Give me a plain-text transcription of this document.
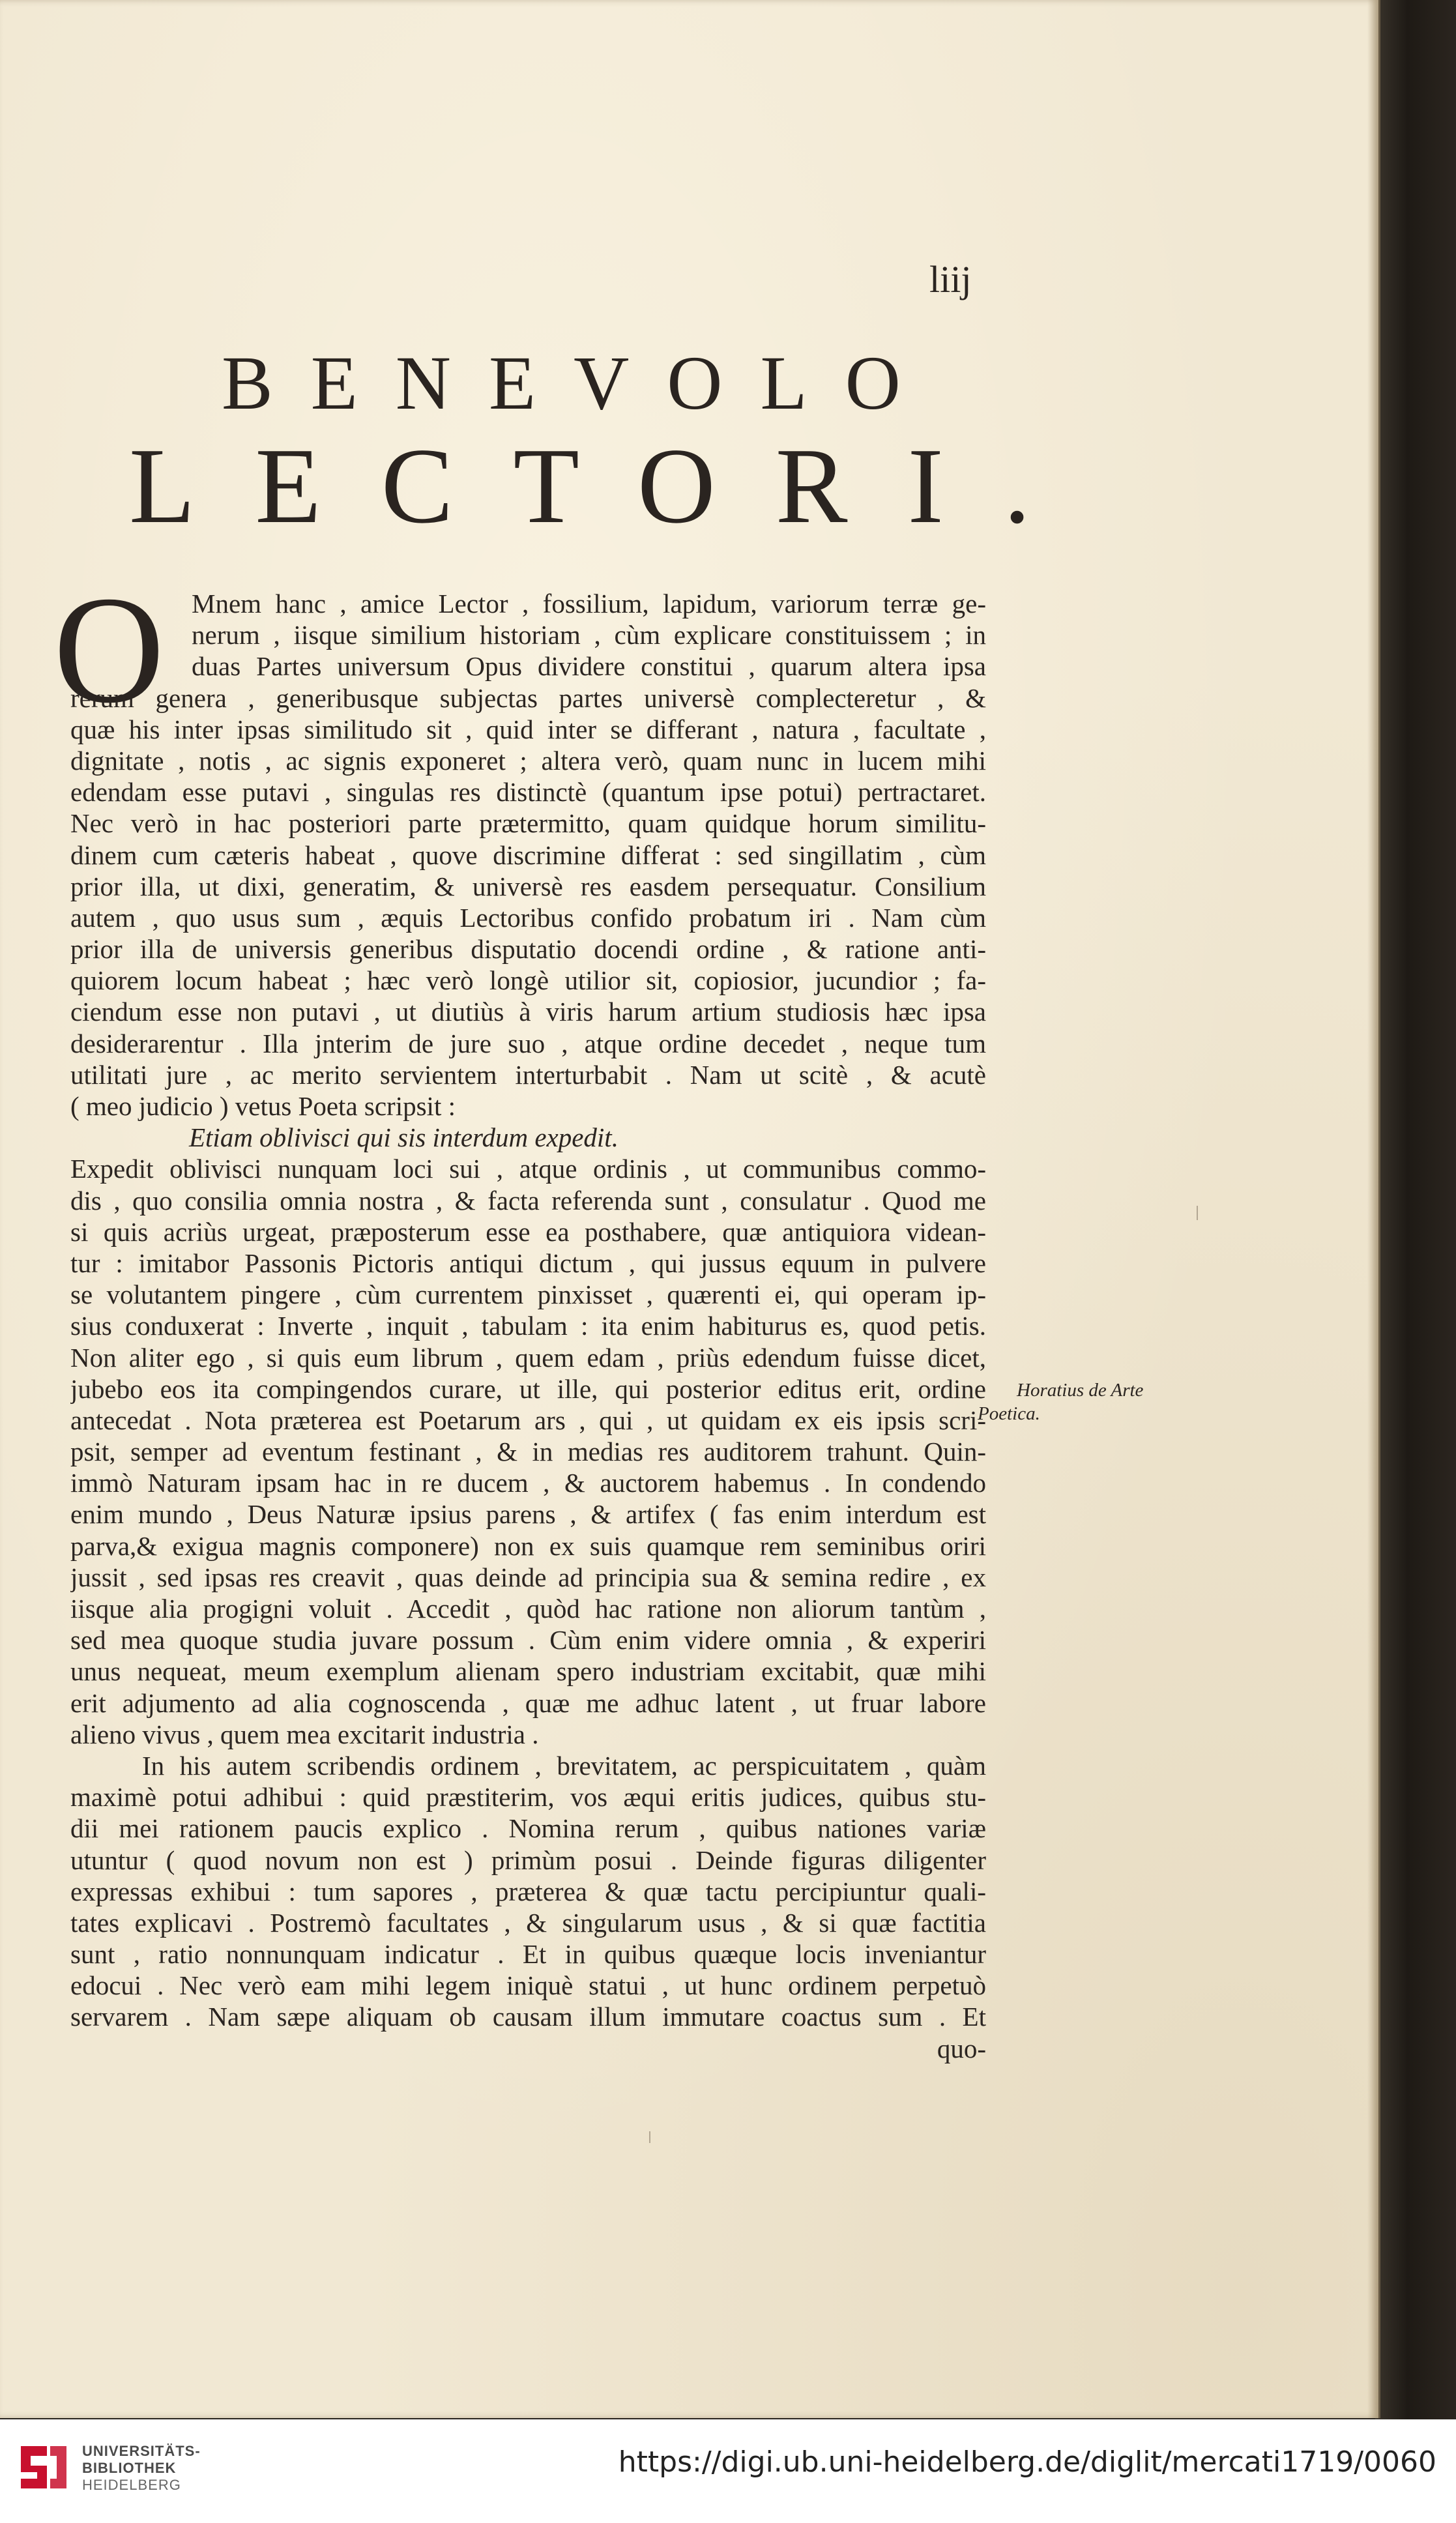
liij
BENEVOLO
LECTORI.
O	Mnem hanc , amice Lector , fossilium, lapidum, variorum terræ ge-
nerum , iisque similium historiam , cùm explicare constituissem ; in
duas Partes universum Opus dividere constitui , quarum altera ipsa
rerum genera , generibusque subjectas partes universè complecteretur , &
quæ his inter ipsas similitudo sit , quid inter se differant , natura , facultate ,
dignitate , notis , ac signis exponeret ; altera verò, quam nunc in lucem mihi
edendam esse putavi , singulas res distinctè (quantum ipse potui) pertractaret.
Nec verò in hac posteriori parte prætermitto, quam quidque horum similitu-
dinem cum cæteris habeat , quove discrimine differat : sed singillatim , cùm
prior illa, ut dixi, generatim, & universè res easdem persequatur. Consilium
autem , quo usus sum , æquis Lectoribus confido probatum iri . Nam cùm
prior illa de universis generibus disputatio docendi ordine , & ratione anti-
quiorem locum habeat ; hæc verò longè utilior sit, copiosior, jucundior ; fa-
ciendum esse non putavi , ut diutiùs à viris harum artium studiosis hæc ipsa
desiderarentur . Illa jnterim de jure suo , atque ordine decedet , neque tum
utilitati jure , ac merito servientem interturbabit . Nam ut scitè , & acutè
( meo judicio ) vetus Poeta scripsit :
Etiam oblivisci qui sis interdum expedit.
Expedit oblivisci nunquam loci sui , atque ordinis , ut communibus commo-
dis , quo consilia omnia nostra , & facta referenda sunt , consulatur . Quod me
si quis acriùs urgeat, præposterum esse ea posthabere, quæ antiquiora videan-
tur : imitabor Passonis Pictoris antiqui dictum , qui jussus equum in pulvere
se volutantem pingere , cùm currentem pinxisset , quærenti ei, qui operam ip-
sius conduxerat : Inverte , inquit , tabulam : ita enim habiturus es, quod petis.
Non aliter ego , si quis eum librum , quem edam , priùs edendum fuisse dicet,
jubebo eos ita compingendos curare, ut ille, qui posterior editus erit, ordine
antecedat . Nota præterea est Poetarum ars , qui , ut quidam ex eis ipsis scri-
psit, semper ad eventum festinant , & in medias res auditorem trahunt. Quin-
immò Naturam ipsam hac in re ducem , & auctorem habemus . In condendo
enim mundo , Deus Naturæ ipsius parens , & artifex ( fas enim interdum est
parva,& exigua magnis componere) non ex suis quamque rem seminibus oriri
jussit , sed ipsas res creavit , quas deinde ad principia sua & semina redire , ex
iisque alia progigni voluit . Accedit , quòd hac ratione non aliorum tantùm ,
sed mea quoque studia juvare possum . Cùm enim videre omnia , & experiri
unus nequeat, meum exemplum alienam spero industriam excitabit, quæ mihi
erit adjumento ad alia cognoscenda , quæ me adhuc latent , ut fruar labore
alieno vivus , quem mea excitarit industria .
In his autem scribendis ordinem , brevitatem, ac perspicuitatem , quàm
maximè potui adhibui : quid præstiterim, vos æqui eritis judices, quibus stu-
dii mei rationem paucis explico . Nomina rerum , quibus nationes variæ
utuntur ( quod novum non est ) primùm posui . Deinde figuras diligenter
expressas exhibui : tum sapores , præterea & quæ tactu percipiuntur quali-
tates explicavi . Postremò facultates , & singularum usus , & si quæ factitia
sunt , ratio nonnunquam indicatur . Et in quibus quæque locis inveniantur
edocui . Nec verò eam mihi legem iniquè statui , ut hunc ordinem perpetuò
servarem . Nam sæpe aliquam ob causam illum immutare coactus sum . Et
quo-
Horatius de Arte
Poetica.
UNIVERSITÄTS-
BIBLIOTHEK
HEIDELBERG
https://digi.ub.uni-heidelberg.de/diglit/mercati1719/0060
